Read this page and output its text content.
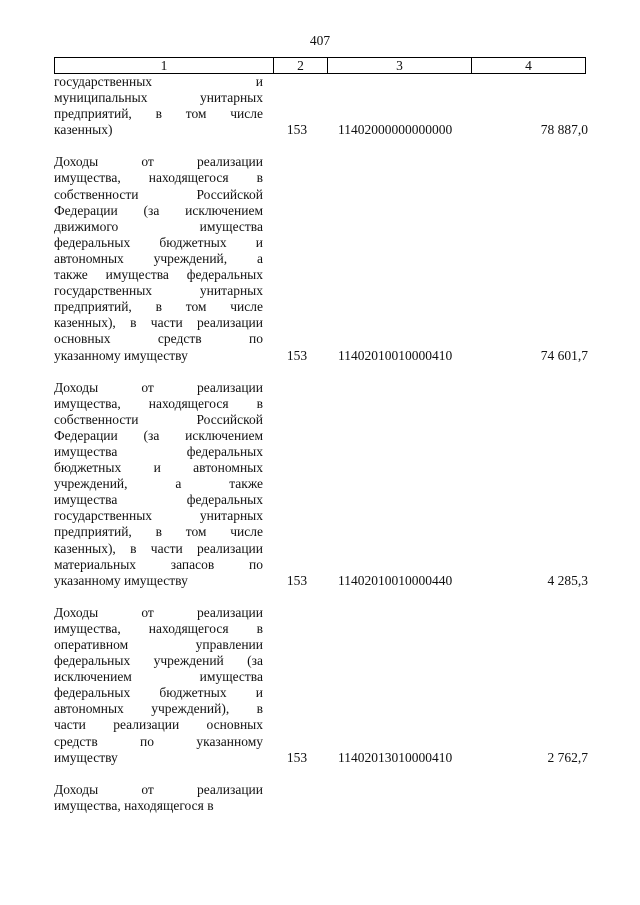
407
1	2	3	4
государственных и
муниципальных унитарных
предприятий, в том числе
казенных)	153	11402000000000000	78 887,0
Доходы от реализации
имущества, находящегося в
собственности Российской
Федерации (за исключением
движимого имущества
федеральных бюджетных и
автономных учреждений, а
также имущества федеральных
государственных унитарных
предприятий, в том числе
казенных), в части реализации
основных средств по
указанному имуществу	153	11402010010000410	74 601,7
Доходы от реализации
имущества, находящегося в
собственности Российской
Федерации (за исключением
имущества федеральных
бюджетных и автономных
учреждений, а также
имущества федеральных
государственных унитарных
предприятий, в том числе
казенных), в части реализации
материальных запасов по
указанному имуществу	153	11402010010000440	4 285,3
Доходы от реализации
имущества, находящегося в
оперативном управлении
федеральных учреждений (за
исключением имущества
федеральных бюджетных и
автономных учреждений), в
части реализации основных
средств по указанному
имуществу	153	11402013010000410	2 762,7
Доходы от реализации
имущества, находящегося в
